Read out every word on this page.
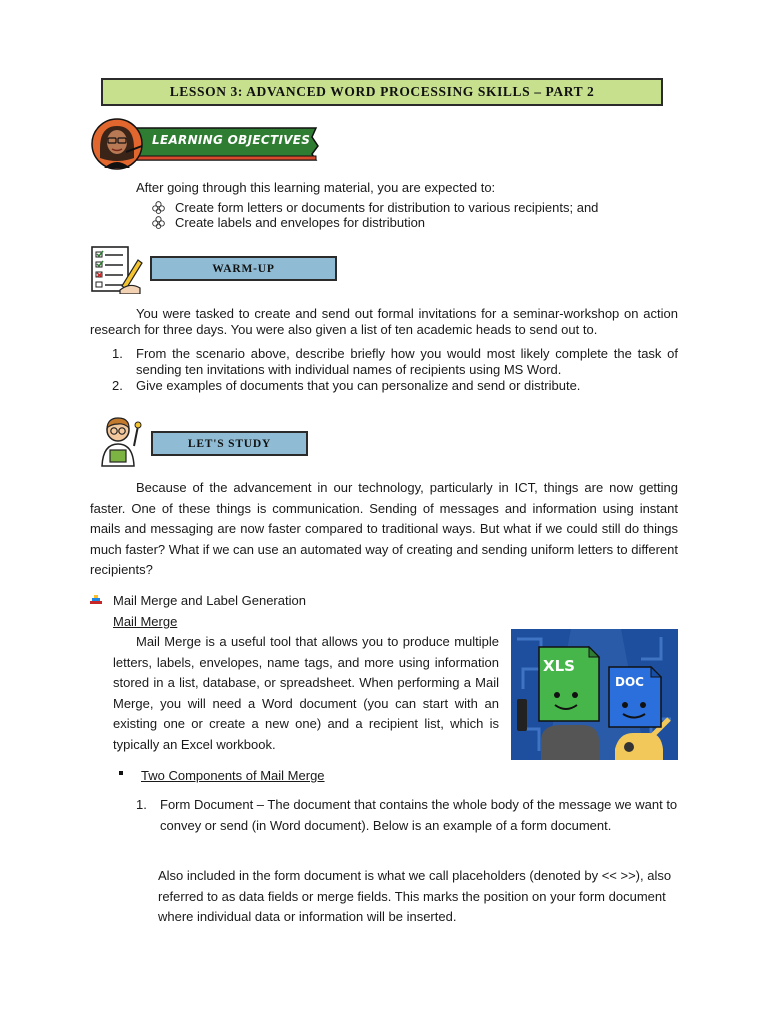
LESSON 3: ADVANCED WORD PROCESSING SKILLS – PART 2
LEARNING OBJECTIVES
After going through this learning material, you are expected to:
Create form letters or documents for distribution to various recipients; and
Create labels and envelopes for distribution
WARM-UP
You were tasked to create and send out formal invitations for a seminar-workshop on action research for three days. You were also given a list of ten academic heads to send out to.
1.	From the scenario above, describe briefly how you would most likely complete the task of sending ten invitations with individual names of recipients using MS Word.
2.	Give examples of documents that you can personalize and send or distribute.
LET'S STUDY
Because of the advancement in our technology, particularly in ICT, things are now getting faster. One of these things is communication. Sending of messages and information using instant mails and messaging are now faster compared to traditional ways. But what if we could still do things much faster? What if we can use an automated way of creating and sending uniform letters to different recipients?
Mail Merge and Label Generation
Mail Merge
Mail Merge is a useful tool that allows you to produce multiple letters, labels, envelopes, name tags, and more using information stored in a list, database, or spreadsheet. When performing a Mail Merge, you will need a Word document (you can start with an existing one or create a new one) and a recipient list, which is typically an Excel workbook.
XLS
DOC
Two Components of Mail Merge
1.	Form Document – The document that contains the whole body of the message we want to convey or send (in Word document). Below is an example of a form document.
Also included in the form document is what we call placeholders (denoted by << >>), also referred to as data fields or merge fields. This marks the position on your form document where individual data or information will be inserted.
